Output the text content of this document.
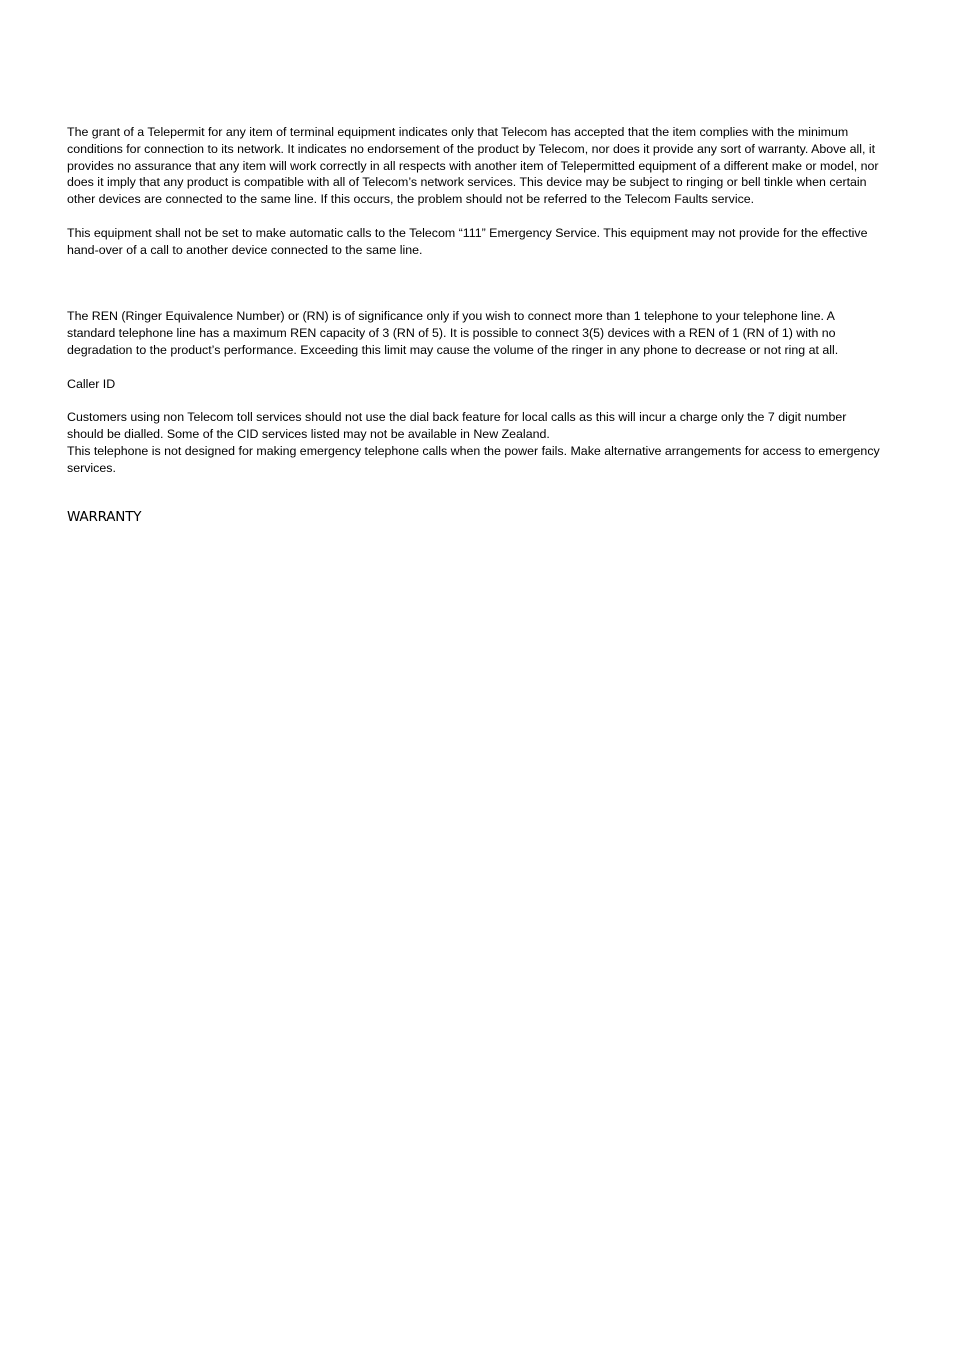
The grant of a Telepermit for any item of terminal equipment indicates only that Telecom has accepted that the item complies with the minimum conditions for connection to its network. It indicates no endorsement of the product by Telecom, nor does it provide any sort of warranty. Above all, it provides no assurance that any item will work correctly in all respects with another item of Telepermitted equipment of a different make or model, nor does it imply that any product is compatible with all of Telecom’s network services. This device may be subject to ringing or bell tinkle when certain other devices are connected to the same line. If this occurs, the problem should not be referred to the Telecom Faults service.

This equipment shall not be set to make automatic calls to the Telecom “111” Emergency Service. This equipment may not provide for the effective hand-over of a call to another device connected to the same line.

The REN (Ringer Equivalence Number) or (RN) is of significance only if you wish to connect more than 1 telephone to your telephone line. A standard telephone line has a maximum REN capacity of 3 (RN of 5). It is possible to connect 3(5) devices with a REN of 1 (RN of 1) with no degradation to the product’s performance. Exceeding this limit may cause the volume of the ringer in any phone to decrease or not ring at all.

Caller ID

Customers using non Telecom toll services should not use the dial back feature for local calls as this will incur a charge only the 7 digit number should be dialled. Some of the CID services listed may not be available in New Zealand.

This telephone is not designed for making emergency telephone calls when the power fails. Make alternative arrangements for access to emergency services.

WARRANTY
